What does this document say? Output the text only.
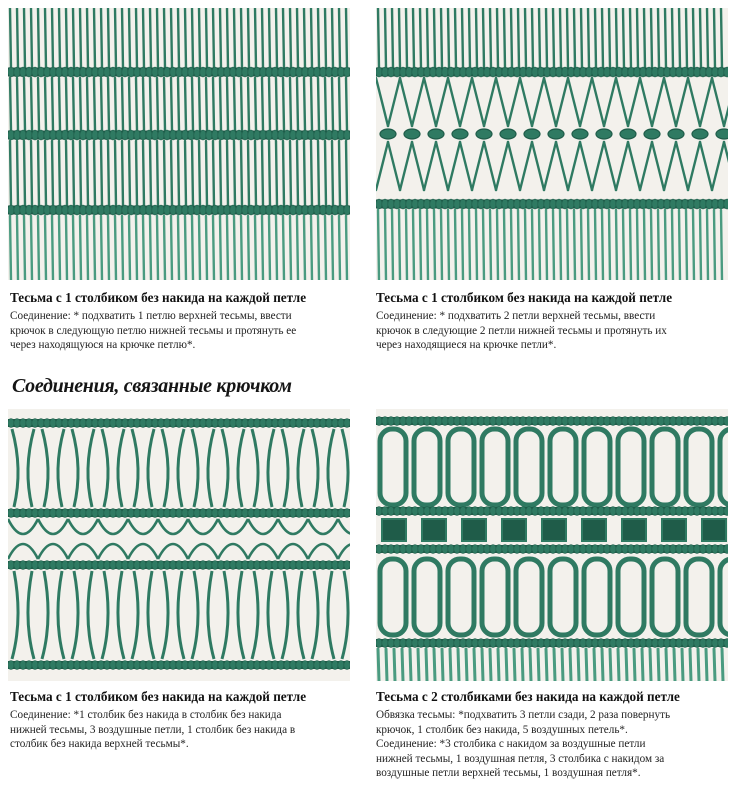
Тесьма с 1 столбиком без накида на каждой петле
Соединение: * подхватить 1 петлю верхней тесьмы, ввести
крючок в следующую петлю нижней тесьмы и протянуть ее
через находящуюся на крючке петлю*.
Тесьма с 1 столбиком без накида на каждой петле
Соединение: * подхватить 2 петли верхней тесьмы, ввести
крючок в следующие 2 петли нижней тесьмы и протянуть их
через находящиеся на крючке петли*.
Соединения, связанные крючком
Тесьма с 1 столбиком без накида на каждой петле
Соединение: *1 столбик без накида в столбик без накида
нижней тесьмы, 3 воздушные петли, 1 столбик без накида в
столбик без накида верхней тесьмы*.
Тесьма с 2 столбиками без накида на каждой петле
Обвязка тесьмы: *подхватить 3 петли сзади, 2 раза повернуть
крючок, 1 столбик без накида, 5 воздушных петель*.
Соединение: *3 столбика с накидом за воздушные петли
нижней тесьмы, 1 воздушная петля, 3 столбика с накидом за
воздушные петли верхней тесьмы, 1 воздушная петля*.
